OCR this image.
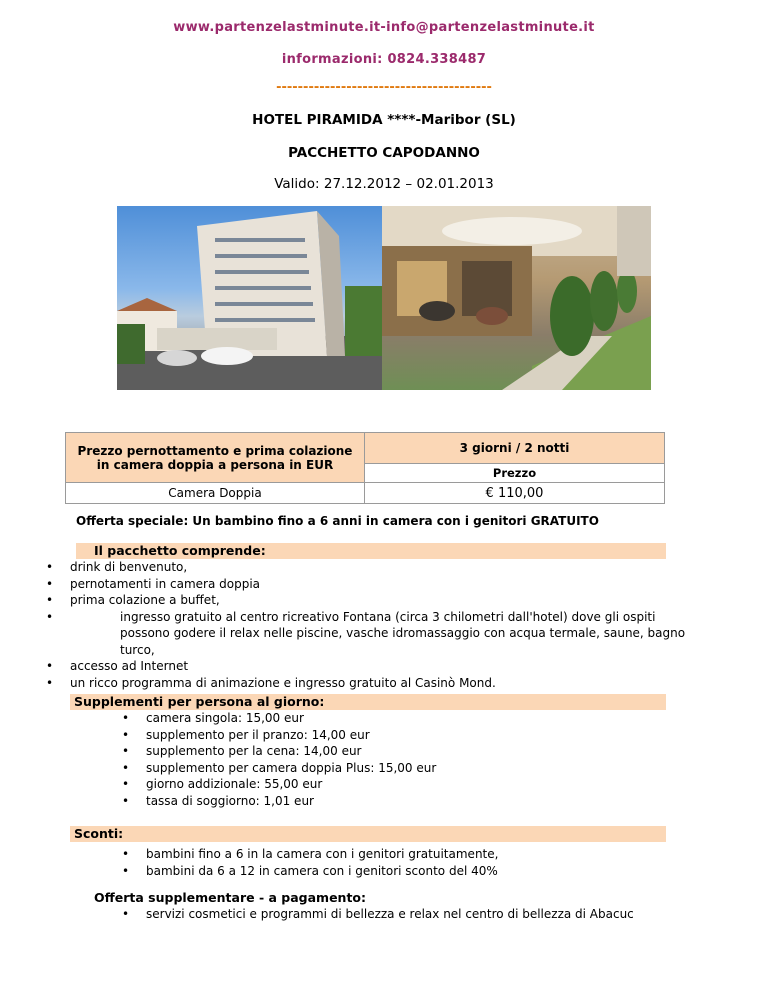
www.partenzelastminute.it-info@partenzelastminute.it
informazioni: 0824.338487
----------------------------------------
HOTEL PIRAMIDA ****-Maribor (SL)
PACCHETTO CAPODANNO
Valido: 27.12.2012 – 02.01.2013
Prezzo pernottamento e prima colazione in camera doppia a persona in EUR	3 giorni / 2 notti
	Prezzo
Camera Doppia	€ 110,00
Offerta speciale: Un bambino fino a 6 anni in camera con i genitori GRATUITO
Il pacchetto comprende:
• drink di benvenuto,
• pernotamenti in camera doppia
• prima colazione a buffet,
• ingresso gratuito al centro ricreativo Fontana (circa 3 chilometri dall'hotel) dove gli ospiti possono godere il relax nelle piscine, vasche idromassaggio con acqua termale, saune, bagno turco,
• accesso ad Internet
• un ricco programma di animazione e ingresso gratuito al Casinò Mond.
Supplementi per persona al giorno:
• camera singola: 15,00 eur
• supplemento per il pranzo: 14,00 eur
• supplemento per la cena: 14,00 eur
• supplemento per camera doppia Plus: 15,00 eur
• giorno addizionale: 55,00 eur
• tassa di soggiorno: 1,01 eur
Sconti:
• bambini fino a 6 in la camera con i genitori gratuitamente,
• bambini da 6 a 12 in camera con i genitori sconto del 40%
Offerta supplementare - a pagamento:
• servizi cosmetici e programmi di bellezza e relax nel centro di bellezza di Abacuc
